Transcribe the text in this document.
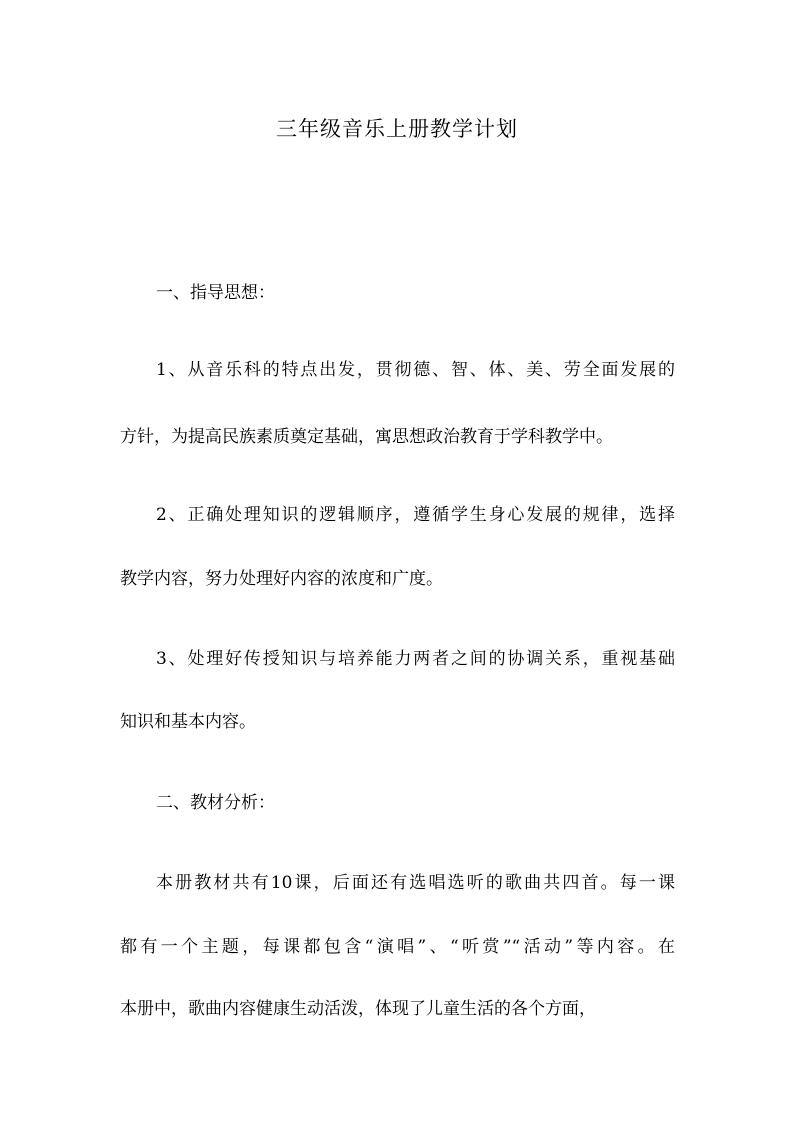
三年级音乐上册教学计划
一、指导思想：
1、从音乐科的特点出发，贯彻德、智、体、美、劳全面发展的
方针，为提高民族素质奠定基础，寓思想政治教育于学科教学中。
2、正确处理知识的逻辑顺序，遵循学生身心发展的规律，选择
教学内容，努力处理好内容的浓度和广度。
3、处理好传授知识与培养能力两者之间的协调关系，重视基础
知识和基本内容。
二、教材分析：
本册教材共有10课，后面还有选唱选听的歌曲共四首。每一课
都有一个主题，每课都包含“演唱”、“听赏”“活动”等内容。在
本册中，歌曲内容健康生动活泼，体现了儿童生活的各个方面，
